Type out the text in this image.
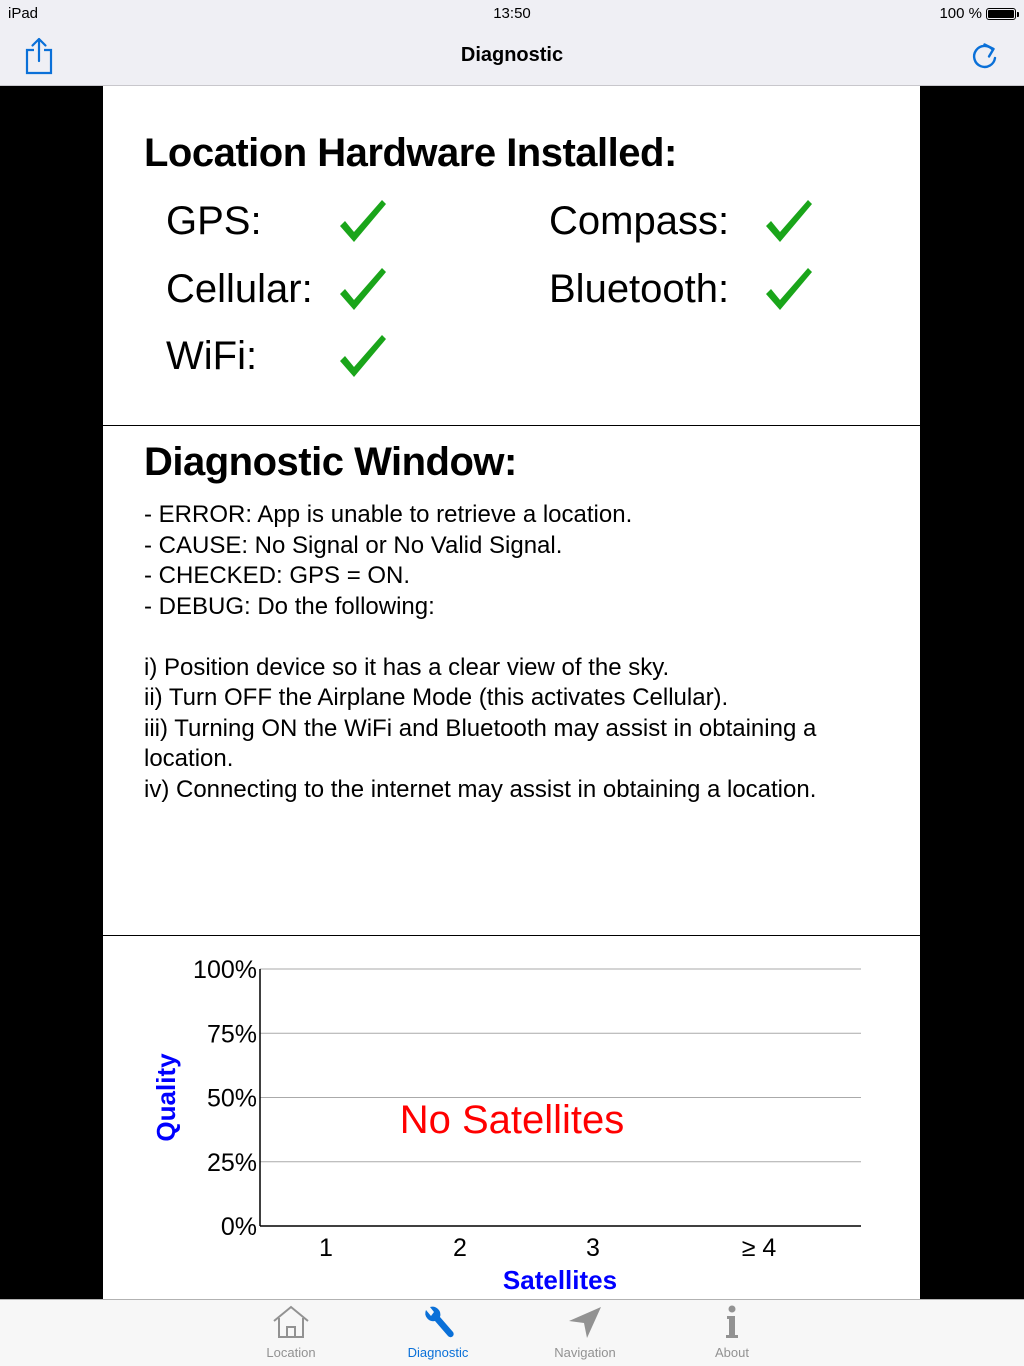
iPad	13:50	100 %
Diagnostic
Location Hardware Installed:
GPS:	Compass:
Cellular:	Bluetooth:
WiFi:
Diagnostic Window:
- ERROR: App is unable to retrieve a location.
- CAUSE: No Signal or No Valid Signal.
- CHECKED: GPS = ON.
- DEBUG: Do the following:

i) Position device so it has a clear view of the sky.
ii) Turn OFF the Airplane Mode (this activates Cellular).
iii) Turning ON the WiFi and Bluetooth may assist in obtaining a location.
iv) Connecting to the internet may assist in obtaining a location.
0%
25%
50%
75%
100%
1	2	3	≥ 4
Satellites
Quality	No Satellites
Location	Diagnostic	Navigation	About
